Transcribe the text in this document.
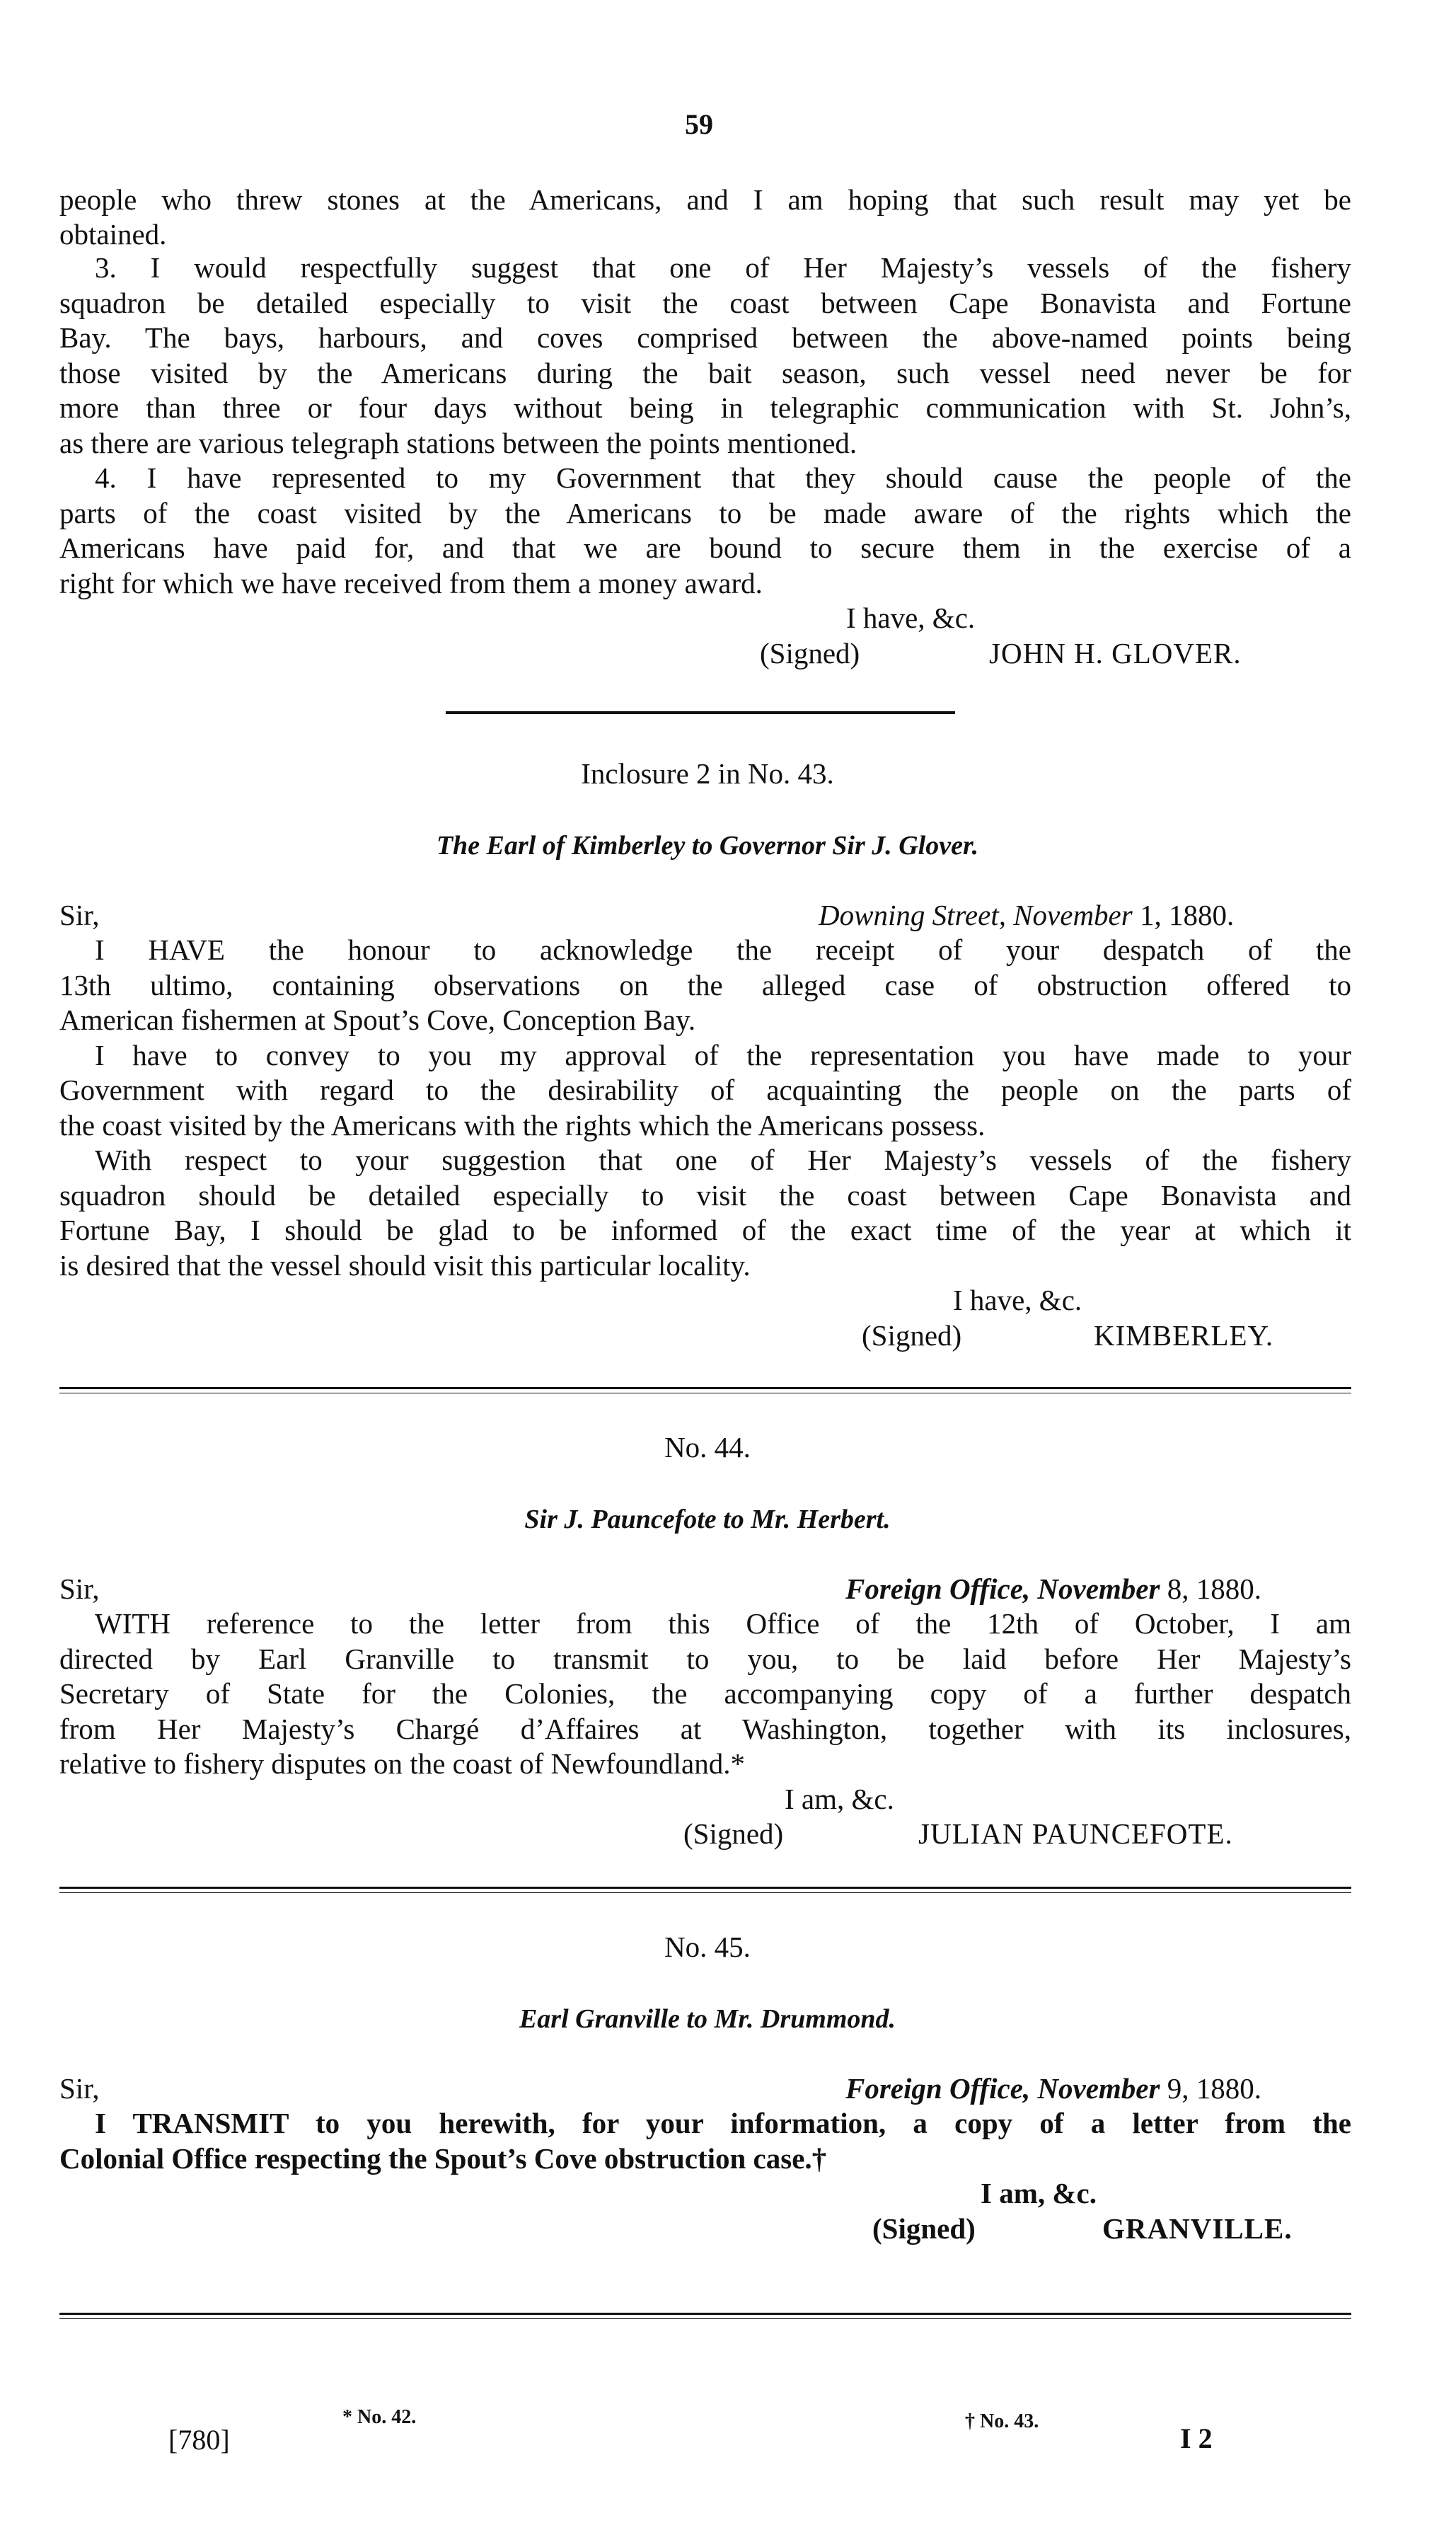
59
people who threw stones at the Americans, and I am hoping that such result may yet be
obtained.
3. I would respectfully suggest that one of Her Majesty’s vessels of the fishery
squadron be detailed especially to visit the coast between Cape Bonavista and Fortune
Bay. The bays, harbours, and coves comprised between the above-named points being
those visited by the Americans during the bait season, such vessel need never be for
more than three or four days without being in telegraphic communication with St. John’s,
as there are various telegraph stations between the points mentioned.
4. I have represented to my Government that they should cause the people of the
parts of the coast visited by the Americans to be made aware of the rights which the
Americans have paid for, and that we are bound to secure them in the exercise of a
right for which we have received from them a money award.
I have, &c.
(Signed)	JOHN H. GLOVER.
Inclosure 2 in No. 43.
The Earl of Kimberley to Governor Sir J. Glover.
Sir,	Downing Street, November 1, 1880.
I HAVE the honour to acknowledge the receipt of your despatch of the
13th ultimo, containing observations on the alleged case of obstruction offered to
American fishermen at Spout’s Cove, Conception Bay.
I have to convey to you my approval of the representation you have made to your
Government with regard to the desirability of acquainting the people on the parts of
the coast visited by the Americans with the rights which the Americans possess.
With respect to your suggestion that one of Her Majesty’s vessels of the fishery
squadron should be detailed especially to visit the coast between Cape Bonavista and
Fortune Bay, I should be glad to be informed of the exact time of the year at which it
is desired that the vessel should visit this particular locality.
I have, &c.
(Signed)	KIMBERLEY.
No. 44.
Sir J. Pauncefote to Mr. Herbert.
Sir,	Foreign Office, November 8, 1880.
WITH reference to the letter from this Office of the 12th of October, I am
directed by Earl Granville to transmit to you, to be laid before Her Majesty’s
Secretary of State for the Colonies, the accompanying copy of a further despatch
from Her Majesty’s Chargé d’Affaires at Washington, together with its inclosures,
relative to fishery disputes on the coast of Newfoundland.*
I am, &c.
(Signed)	JULIAN PAUNCEFOTE.
No. 45.
Earl Granville to Mr. Drummond.
Sir,	Foreign Office, November 9, 1880.
I TRANSMIT to you herewith, for your information, a copy of a letter from the
Colonial Office respecting the Spout’s Cove obstruction case.†
I am, &c.
(Signed)	GRANVILLE.
* No. 42.	† No. 43.
[780]	I 2
